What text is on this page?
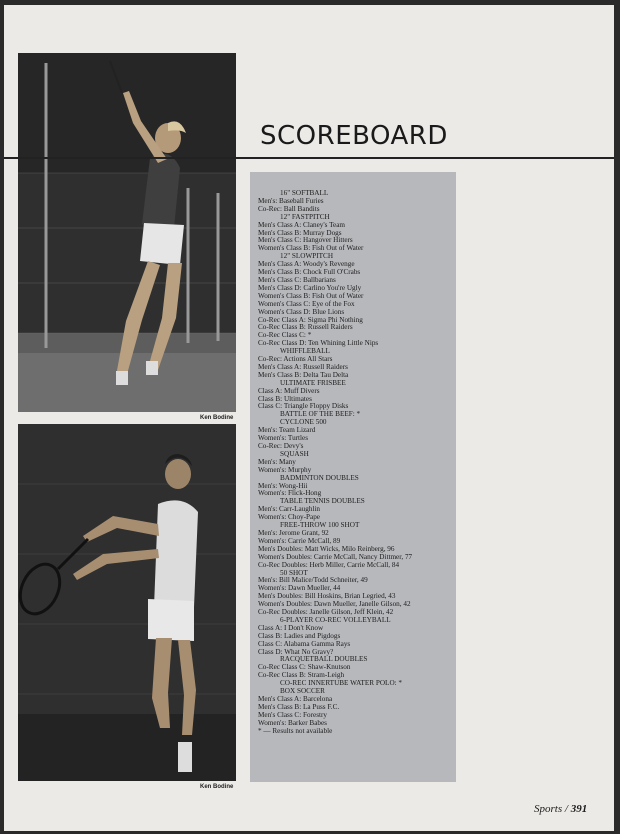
Ken Bodine
Ken Bodine
SCOREBOARD
16" SOFTBALL
Men's: Baseball Furies
Co-Rec: Ball Bandits
12" FASTPITCH
Men's Class A: Claney's Team
Men's Class B: Murray Dogs
Men's Class C: Hangover Hitters
Women's Class B: Fish Out of Water
12" SLOWPITCH
Men's Class A: Woody's Revenge
Men's Class B: Chock Full O'Crabs
Men's Class C: Ballbarians
Men's Class D: Carlino You're Ugly
Women's Class B: Fish Out of Water
Women's Class C: Eye of the Fox
Women's Class D: Blue Lions
Co-Rec Class A: Sigma Phi Nothing
Co-Rec Class B: Russell Raiders
Co-Rec Class C: *
Co-Rec Class D: Ten Whining Little Nips
WHIFFLEBALL
Co-Rec: Actions All Stars
Men's Class A: Russell Raiders
Men's Class B: Delta Tau Delta
ULTIMATE FRISBEE
Class A: Muff Divers
Class B: Ultimates
Class C: Triangle Floppy Disks
BATTLE OF THE BEEF: *
CYCLONE 500
Men's: Team Lizard
Women's: Turtles
Co-Rec: Devy's
SQUASH
Men's: Many
Women's: Murphy
BADMINTON DOUBLES
Men's: Wong-Hii
Women's: Flick-Hong
TABLE TENNIS DOUBLES
Men's: Carr-Laughlin
Women's: Choy-Pape
FREE-THROW 100 SHOT
Men's: Jerome Grant, 92
Women's: Carrie McCall, 89
Men's Doubles: Matt Wicks, Milo Reinberg, 96
Women's Doubles: Carrie McCall, Nancy Dittmer, 77
Co-Rec Doubles: Herb Miller, Carrie McCall, 84
50 SHOT
Men's: Bill Malice/Todd Schneiter, 49
Women's: Dawn Mueller, 44
Men's Doubles: Bill Hoskins, Brian Legried, 43
Women's Doubles: Dawn Mueller, Janelle Gilson, 42
Co-Rec Doubles: Janelle Gilson, Jeff Klein, 42
6-PLAYER CO-REC VOLLEYBALL
Class A: I Don't Know
Class B: Ladies and Pigdogs
Class C: Alabama Gamma Rays
Class D: What No Gravy?
RACQUETBALL DOUBLES
Co-Rec Class C: Shaw-Knutson
Co-Rec Class B: Stram-Leigh
CO-REC INNERTUBE WATER POLO: *
BOX SOCCER
Men's Class A: Barcelona
Men's Class B: La Puss F.C.
Men's Class C: Forestry
Women's: Barker Babes
* — Results not available
Sports / 391
